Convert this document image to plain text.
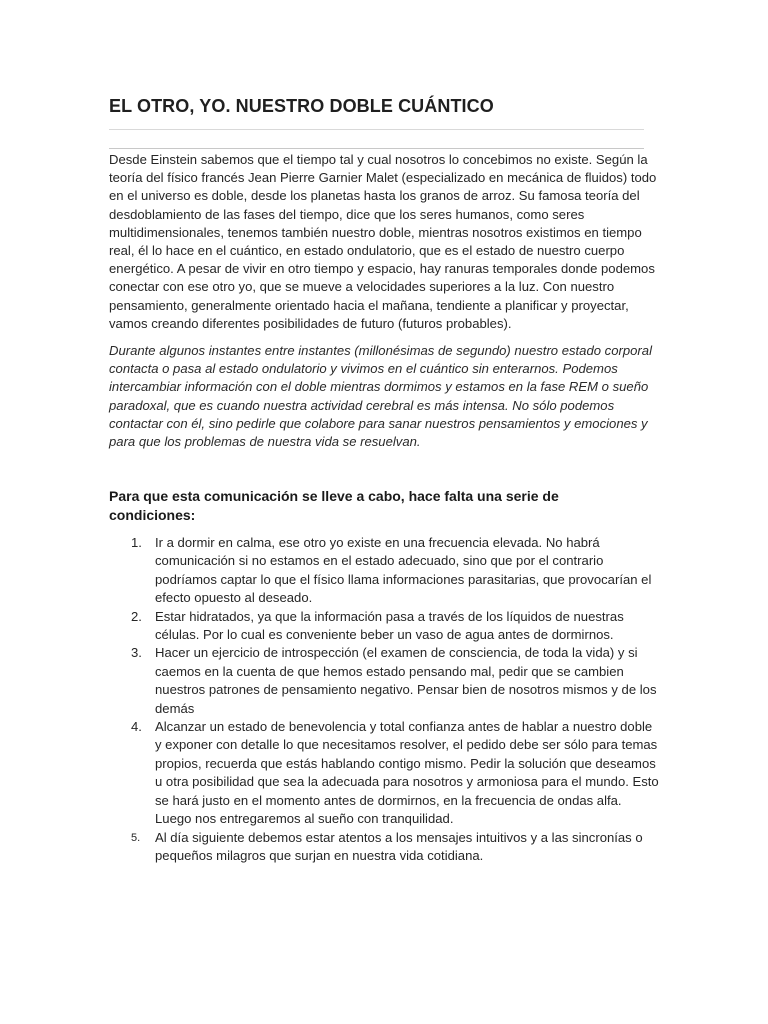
EL OTRO, YO. NUESTRO DOBLE CUÁNTICO

Desde Einstein sabemos que el tiempo tal y cual nosotros lo concebimos no existe. Según la teoría del físico francés Jean Pierre Garnier Malet (especializado en mecánica de fluidos) todo en el universo es doble, desde los planetas hasta los granos de arroz. Su famosa teoría del desdoblamiento de las fases del tiempo, dice que los seres humanos, como seres multidimensionales, tenemos también nuestro doble, mientras nosotros existimos en tiempo real, él lo hace en el cuántico, en estado ondulatorio, que es el estado de nuestro cuerpo energético. A pesar de vivir en otro tiempo y espacio, hay ranuras temporales donde podemos conectar con ese otro yo, que se mueve a velocidades superiores a la luz. Con nuestro pensamiento, generalmente orientado hacia el mañana, tendiente a planificar y proyectar, vamos creando diferentes posibilidades de futuro (futuros probables).

Durante algunos instantes entre instantes (millonésimas de segundo) nuestro estado corporal contacta o pasa al estado ondulatorio y vivimos en el cuántico sin enterarnos. Podemos intercambiar información con el doble mientras dormimos y estamos en la fase REM o sueño paradoxal, que es cuando nuestra actividad cerebral es más intensa. No sólo podemos contactar con él, sino pedirle que colabore para sanar nuestros pensamientos y emociones y para que los problemas de nuestra vida se resuelvan.

Para que esta comunicación se lleve a cabo, hace falta una serie de condiciones:
1. Ir a dormir en calma, ese otro yo existe en una frecuencia elevada. No habrá comunicación si no estamos en el estado adecuado, sino que por el contrario podríamos captar lo que el físico llama informaciones parasitarias, que provocarían el efecto opuesto al deseado.
2. Estar hidratados, ya que la información pasa a través de los líquidos de nuestras células. Por lo cual es conveniente beber un vaso de agua antes de dormirnos.
3. Hacer un ejercicio de introspección (el examen de consciencia, de toda la vida) y si caemos en la cuenta de que hemos estado pensando mal, pedir que se cambien nuestros patrones de pensamiento negativo. Pensar bien de nosotros mismos y de los demás
4. Alcanzar un estado de benevolencia y total confianza antes de hablar a nuestro doble y exponer con detalle lo que necesitamos resolver, el pedido debe ser sólo para temas propios, recuerda que estás hablando contigo mismo. Pedir la solución que deseamos u otra posibilidad que sea la adecuada para nosotros y armoniosa para el mundo. Esto se hará justo en el momento antes de dormirnos, en la frecuencia de ondas alfa. Luego nos entregaremos al sueño con tranquilidad.
5. Al día siguiente debemos estar atentos a los mensajes intuitivos y a las sincronías o pequeños milagros que surjan en nuestra vida cotidiana.
